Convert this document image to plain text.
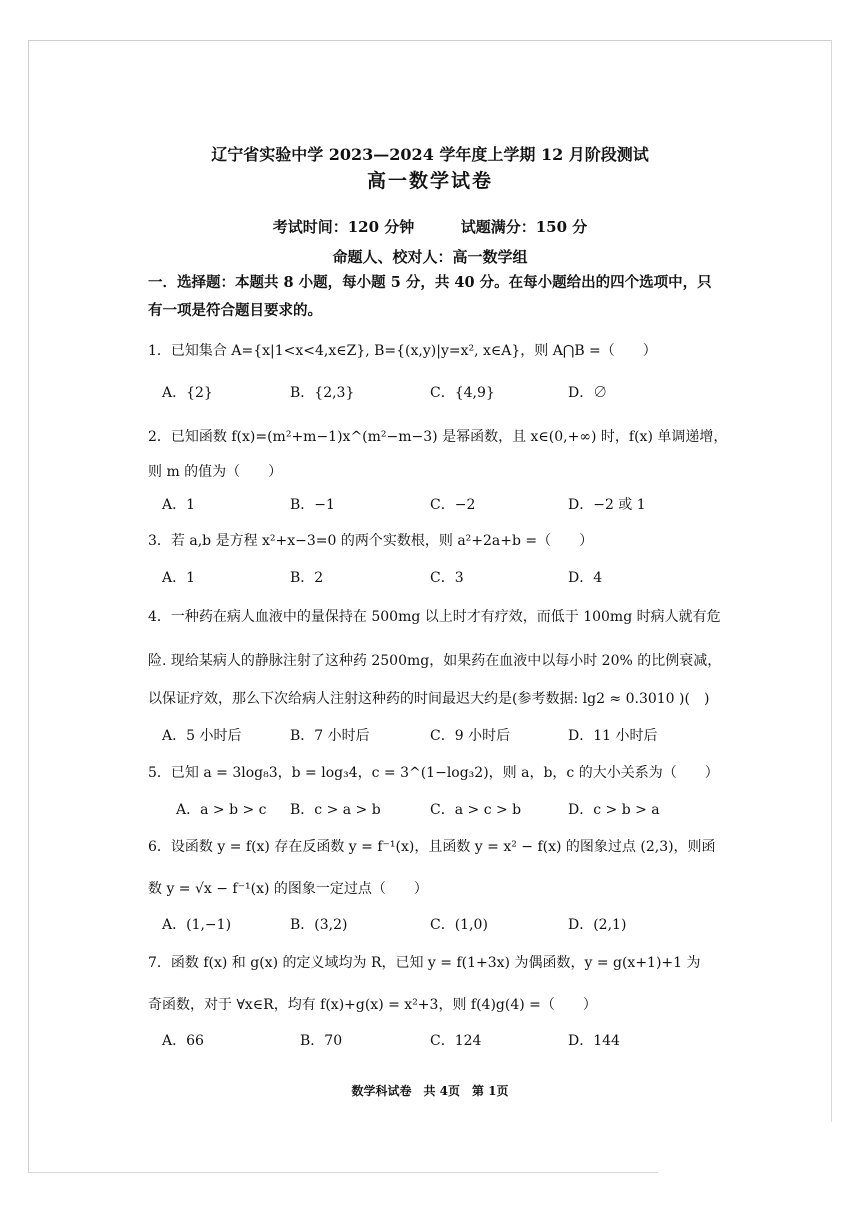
辽宁省实验中学 2023—2024 学年度上学期 12 月阶段测试
高一数学试卷
考试时间：120 分钟	试题满分：150 分
命题人、校对人：高一数学组
一．选择题：本题共 8 小题，每小题 5 分，共 40 分。在每小题给出的四个选项中，只
有一项是符合题目要求的。
1．已知集合 A={x|1<x<4,x∈Z}, B={(x,y)|y=x², x∈A}，则 A⋂B =（　　）
A．{2}	B．{2,3}	C．{4,9}	D．∅
2．已知函数 f(x)=(m²+m−1)x^(m²−m−3) 是幂函数，且 x∈(0,+∞) 时，f(x) 单调递增，
则 m 的值为（　　）
A．1	B．−1	C．−2	D．−2 或 1
3．若 a,b 是方程 x²+x−3=0 的两个实数根，则 a²+2a+b =（　　）
A．1	B．2	C．3	D．4
4．一种药在病人血液中的量保持在 500mg 以上时才有疗效，而低于 100mg 时病人就有危
险. 现给某病人的静脉注射了这种药 2500mg，如果药在血液中以每小时 20% 的比例衰减，
以保证疗效，那么下次给病人注射这种药的时间最迟大约是(参考数据: lg2 ≈ 0.3010 )(　)
A．5 小时后	B．7 小时后	C．9 小时后	D．11 小时后
5．已知 a = 3log₈3，b = log₃4，c = 3^(1−log₃2)，则 a，b，c 的大小关系为（　　）
A．a > b > c B．c > a > b	C．a > c > b	D．c > b > a
6．设函数 y = f(x) 存在反函数 y = f⁻¹(x)，且函数 y = x² − f(x) 的图象过点 (2,3)，则函
数 y = √x − f⁻¹(x) 的图象一定过点（　　）
A．(1,−1)	B．(3,2)	C．(1,0)	D．(2,1)
7．函数 f(x) 和 g(x) 的定义域均为 R，已知 y = f(1+3x) 为偶函数，y = g(x+1)+1 为
奇函数，对于 ∀x∈R，均有 f(x)+g(x) = x²+3，则 f(4)g(4) =（　　）
A．66	B．70	C．124	D．144
数学科试卷　共 4页　第 1页
